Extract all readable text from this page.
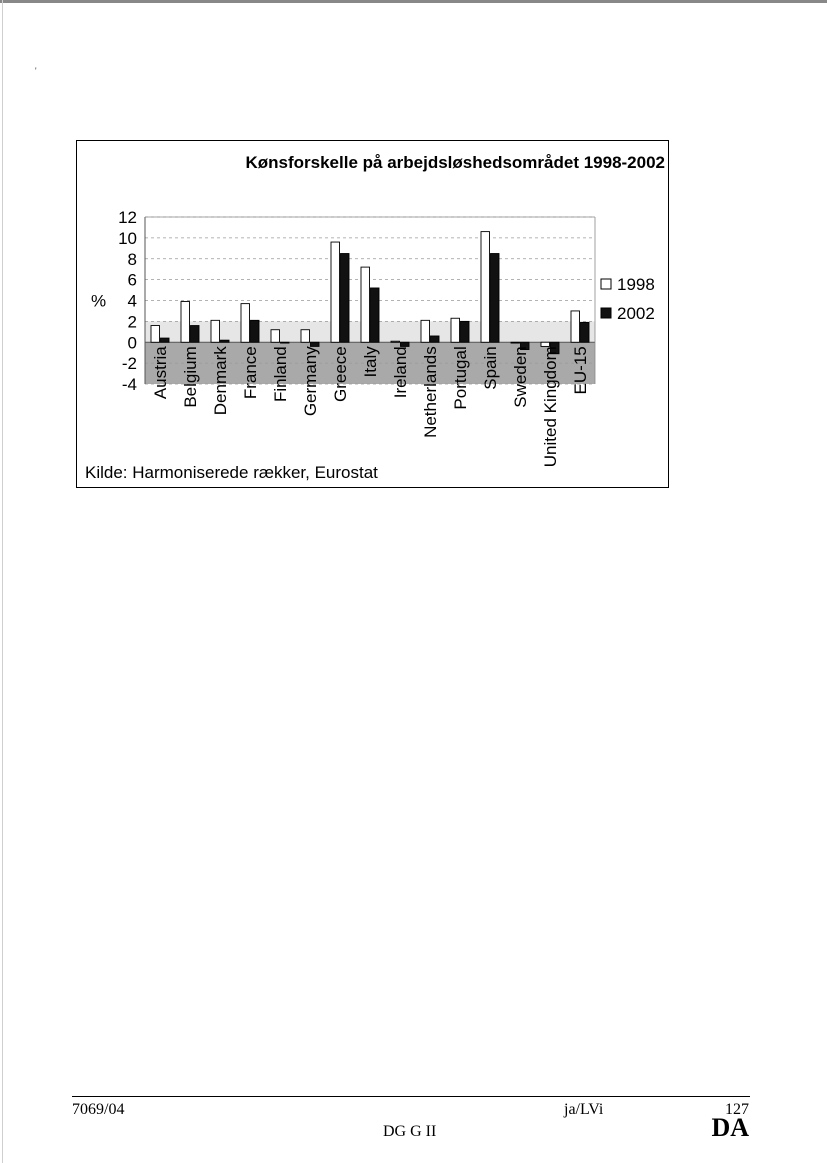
'
12
10
8
6
4
2
0
-2
-4
%
Austria Belgium Denmark France Finland Germany Greece Italy Ireland Netherlands Portugal Spain Sweden United Kingdom EU-15
1998
2002
Kønsforskelle på arbejdsløshedsområdet 1998-2002
Kilde: Harmoniserede rækker, Eurostat
7069/04	ja/LVi	127
DG G II	DA
